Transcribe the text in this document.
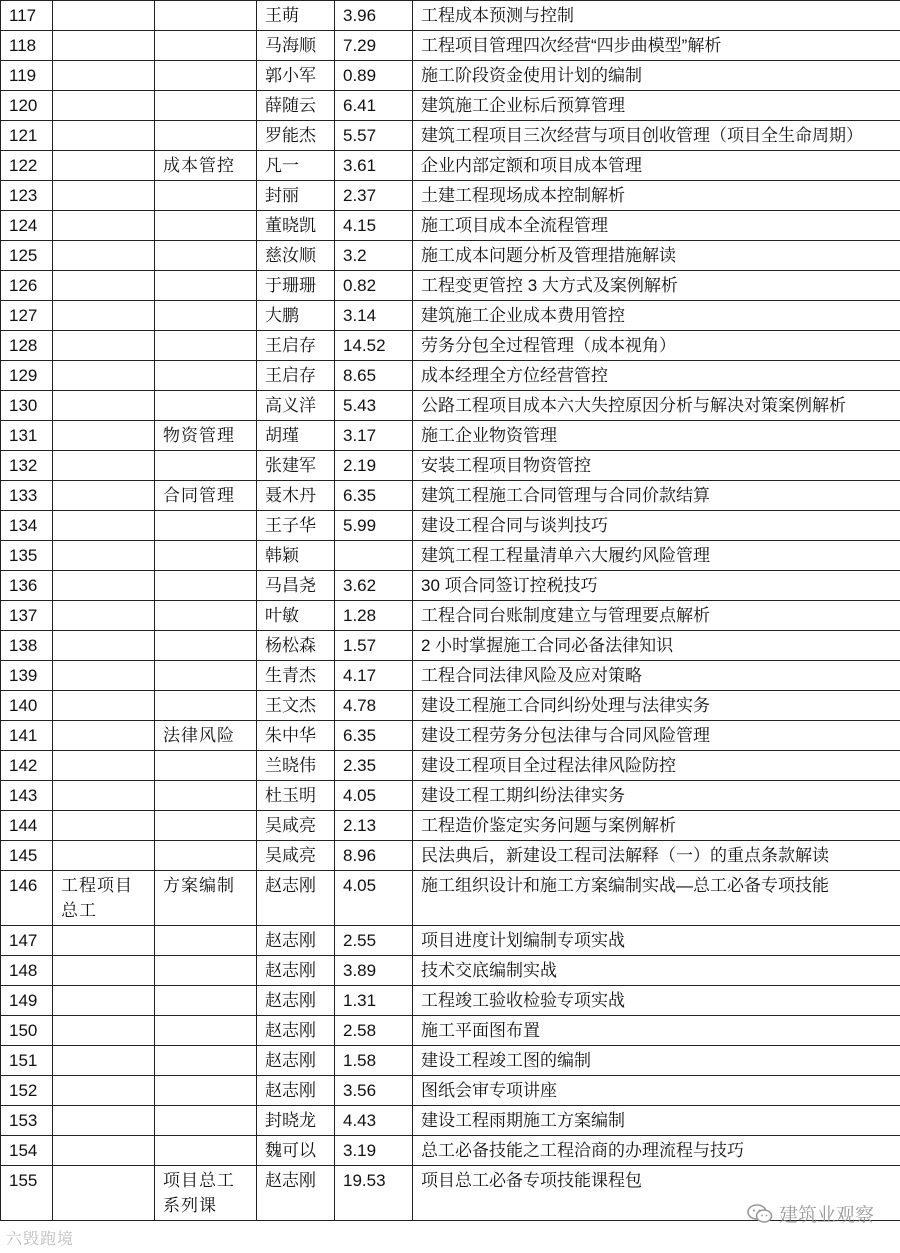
117			王萌	3.96	工程成本预测与控制
118			马海顺	7.29	工程项目管理四次经营“四步曲模型”解析
119			郭小军	0.89	施工阶段资金使用计划的编制
120			薛随云	6.41	建筑施工企业标后预算管理
121			罗能杰	5.57	建筑工程项目三次经营与项目创收管理（项目全生命周期）
122		成本管控	凡一	3.61	企业内部定额和项目成本管理
123			封丽	2.37	土建工程现场成本控制解析
124			董晓凯	4.15	施工项目成本全流程管理
125			慈汝顺	3.2	施工成本问题分析及管理措施解读
126			于珊珊	0.82	工程变更管控 3 大方式及案例解析
127			大鹏	3.14	建筑施工企业成本费用管控
128			王启存	14.52	劳务分包全过程管理（成本视角）
129			王启存	8.65	成本经理全方位经营管控
130			高义洋	5.43	公路工程项目成本六大失控原因分析与解决对策案例解析
131		物资管理	胡瑾	3.17	施工企业物资管理
132			张建军	2.19	安装工程项目物资管控
133		合同管理	聂木丹	6.35	建筑工程施工合同管理与合同价款结算
134			王子华	5.99	建设工程合同与谈判技巧
135			韩颖		建筑工程工程量清单六大履约风险管理
136			马昌尧	3.62	30 项合同签订控税技巧
137			叶敏	1.28	工程合同台账制度建立与管理要点解析
138			杨松森	1.57	2 小时掌握施工合同必备法律知识
139			生青杰	4.17	工程合同法律风险及应对策略
140			王文杰	4.78	建设工程施工合同纠纷处理与法律实务
141		法律风险	朱中华	6.35	建设工程劳务分包法律与合同风险管理
142			兰晓伟	2.35	建设工程项目全过程法律风险防控
143			杜玉明	4.05	建设工程工期纠纷法律实务
144			吴咸亮	2.13	工程造价鉴定实务问题与案例解析
145			吴咸亮	8.96	民法典后，新建设工程司法解释（一）的重点条款解读
146	工程项目总工	方案编制	赵志刚	4.05	施工组织设计和施工方案编制实战—总工必备专项技能
147			赵志刚	2.55	项目进度计划编制专项实战
148			赵志刚	3.89	技术交底编制实战
149			赵志刚	1.31	工程竣工验收检验专项实战
150			赵志刚	2.58	施工平面图布置
151			赵志刚	1.58	建设工程竣工图的编制
152			赵志刚	3.56	图纸会审专项讲座
153			封晓龙	4.43	建设工程雨期施工方案编制
154			魏可以	3.19	总工必备技能之工程洽商的办理流程与技巧
155		项目总工系列课	赵志刚	19.53	项目总工必备专项技能课程包
六毁跑境
建筑业观察
